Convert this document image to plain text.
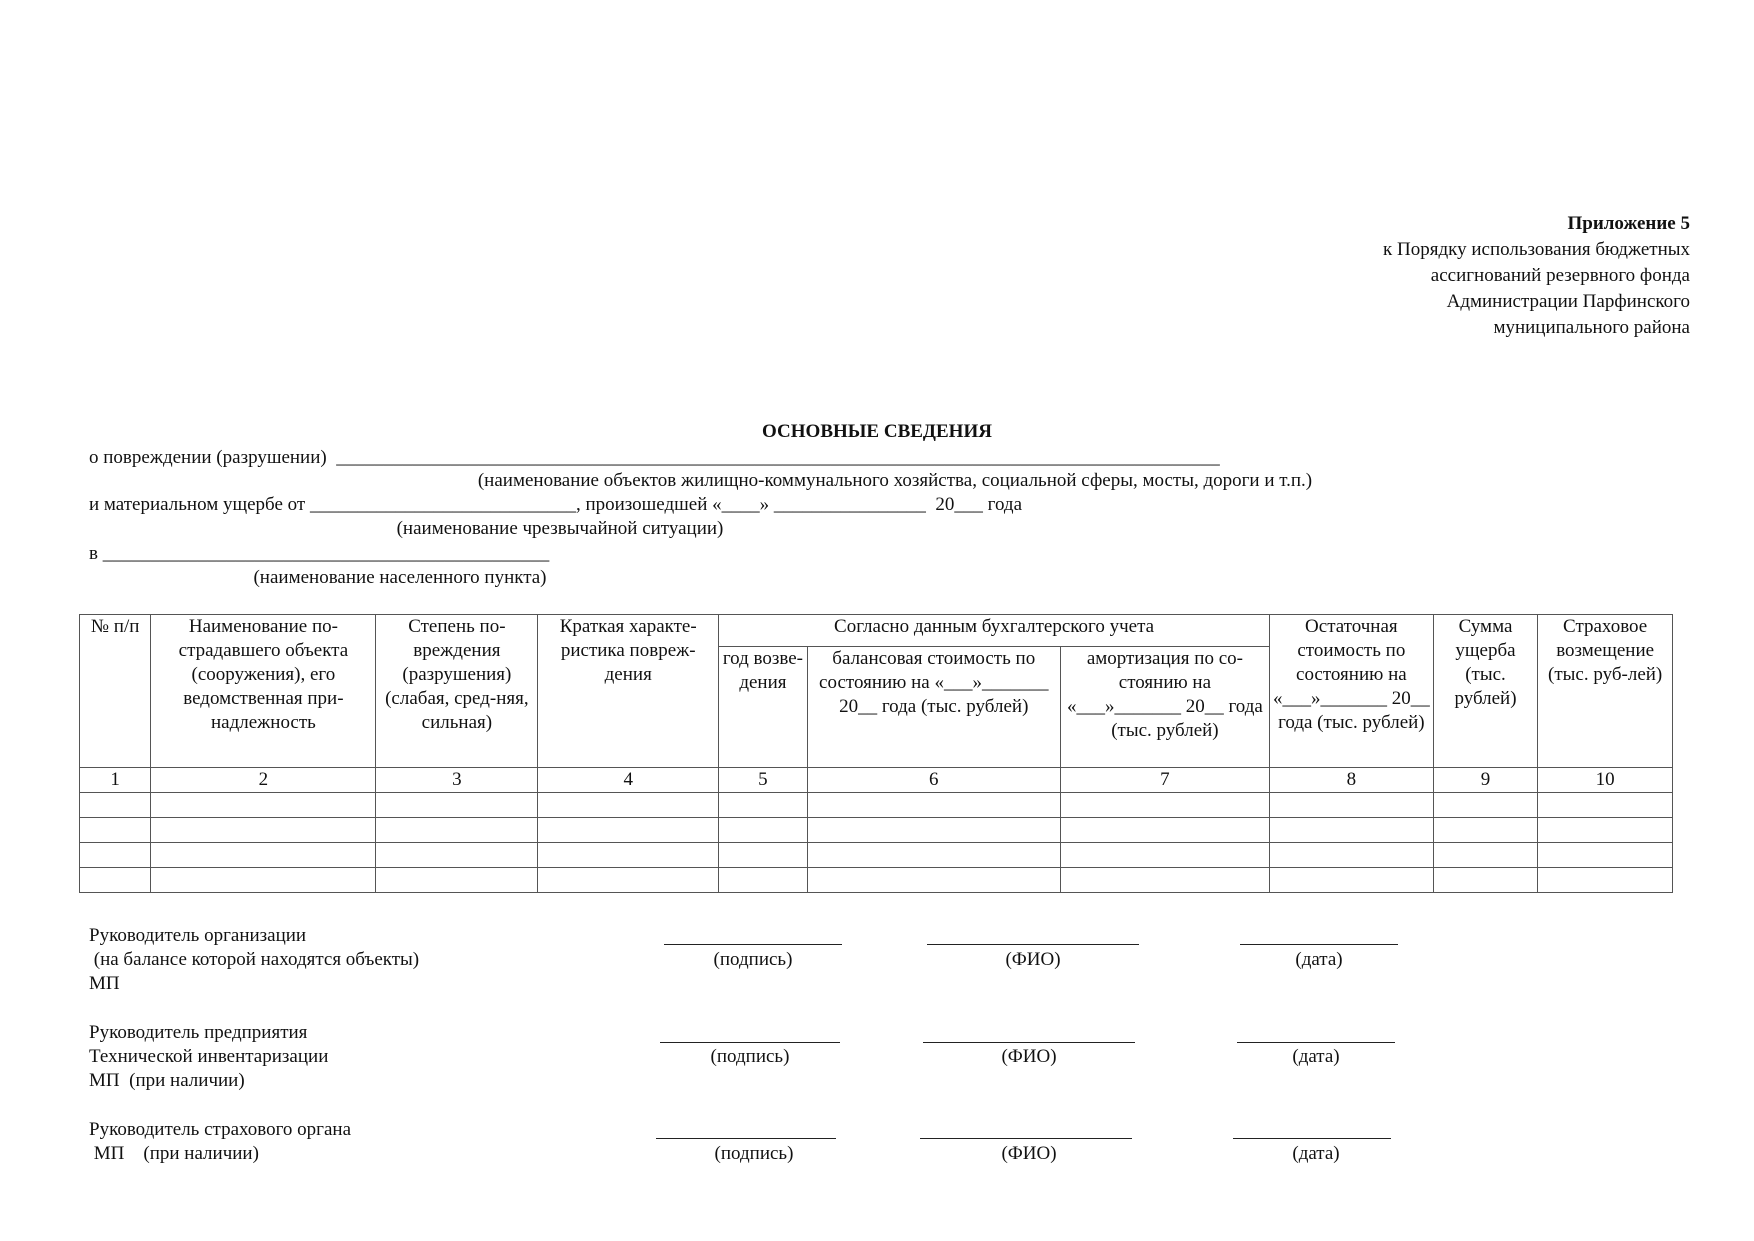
Приложение 5
к Порядку использования бюджетных
ассигнований резервного фонда
Администрации Парфинского
муниципального района
ОСНОВНЫЕ СВЕДЕНИЯ
о повреждении (разрушении)  _____________________________________________________________________________________________
(наименование объектов жилищно-коммунального хозяйства, социальной сферы, мосты, дороги и т.п.)
и материальном ущербе от ____________________________, произошедшей «____» ________________  20___ года
(наименование чрезвычайной ситуации)
в _______________________________________________
(наименование населенного пункта)
№ п/п	Наименование по-страдавшего объекта (сооружения), его ведомственная при-надлежность	Степень по-вреждения (разрушения) (слабая, сред-няя, сильная)	Краткая характе-ристика повреж-дения	Согласно данным бухгалтерского учета			Остаточная стоимость по состоянию на «___»_______ 20__ года (тыс. рублей)	Сумма ущерба (тыс. рублей)	Страховое возмещение (тыс. руб-лей)
				год возве-дения	балансовая стоимость по состоянию на «___»_______ 20__ года (тыс. рублей)	амортизация по со-стоянию на «___»_______ 20__ года (тыс. рублей)			
1	2	3	4	5	6	7	8	9	10

Руководитель организации
(на балансе которой находятся объекты)
МП
(подпись)	(ФИО)	(дата)
Руководитель предприятия
Технической инвентаризации
МП  (при наличии)
(подпись)	(ФИО)	(дата)
Руководитель страхового органа
МП    (при наличии)	(подпись)	(ФИО)	(дата)
